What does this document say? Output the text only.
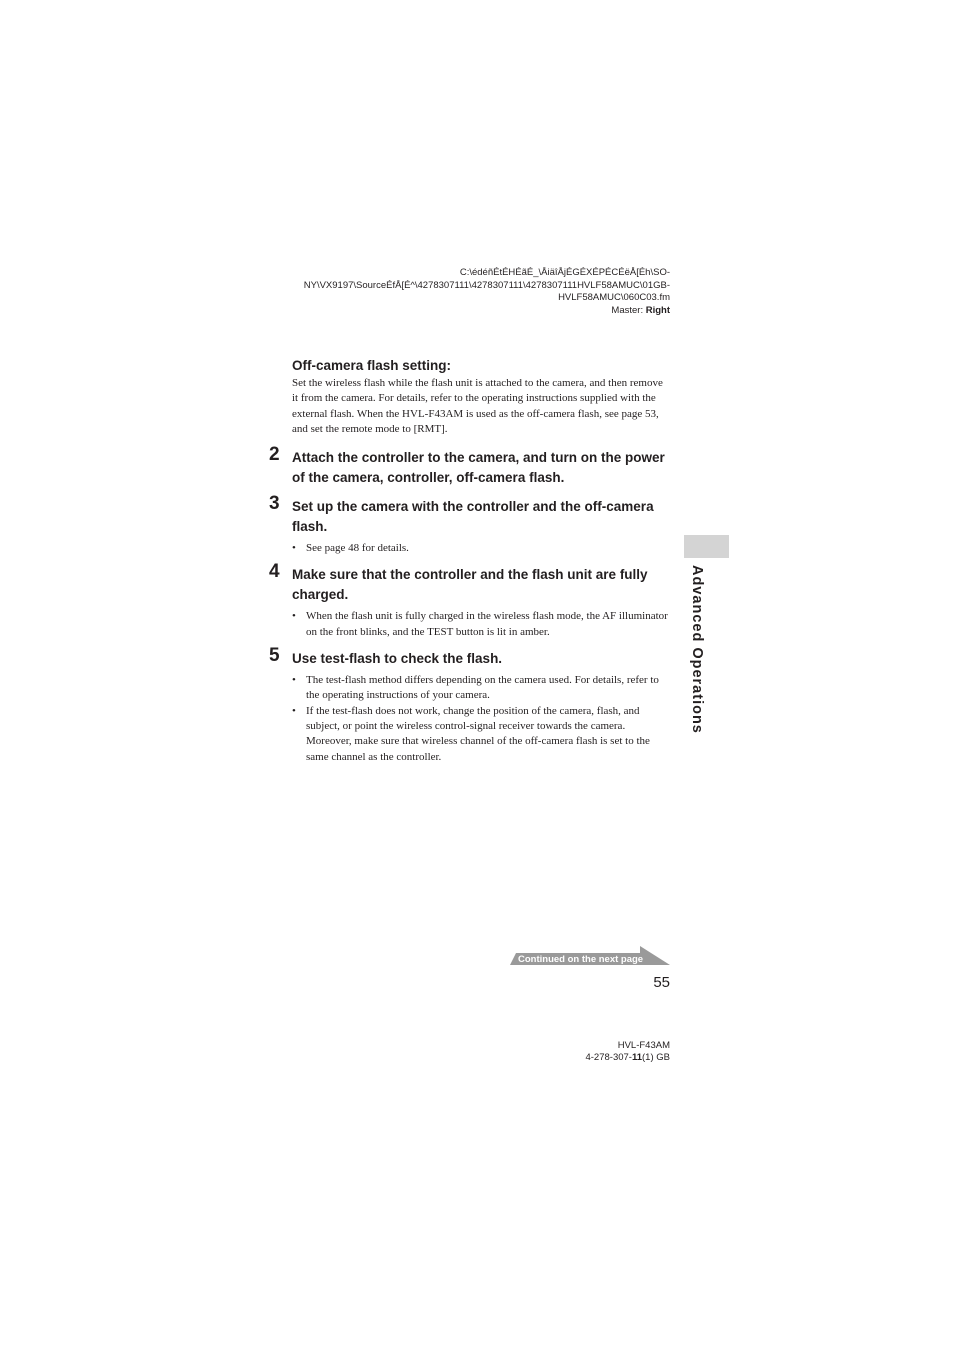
C:\édéñÉtÉHÉãÉ_\ÅiäîÅjÉGÉXÉPÉCÉëÅ[Éh\SO-
NY\VX9197\SourceÉfÅ[É^\4278307111\4278307111\4278307111HVLF58AMUC\01GB-
HVLF58AMUC\060C03.fm
Master: Right

Off-camera flash setting:

Set the wireless flash while the flash unit is attached to the camera, and then remove it from the camera. For details, refer to the operating instructions supplied with the external flash. When the HVL-F43AM is used as the off-camera flash, see page 53, and set the remote mode to [RMT].

2 Attach the controller to the camera, and turn on the power of the camera, controller, off-camera flash.

3 Set up the camera with the controller and the off-camera flash.

• See page 48 for details.
4 Make sure that the controller and the flash unit are fully charged.

• When the flash unit is fully charged in the wireless flash mode, the AF illuminator on the front blinks, and the TEST button is lit in amber.
5 Use test-flash to check the flash.

• The test-flash method differs depending on the camera used. For details, refer to the operating instructions of your camera.
• If the test-flash does not work, change the position of the camera, flash, and subject, or point the wireless control-signal receiver towards the camera. Moreover, make sure that wireless channel of the off-camera flash is set to the same channel as the controller.
Advanced Operations
Continued on the next page
55
HVL-F43AM
4-278-307-11(1) GB
